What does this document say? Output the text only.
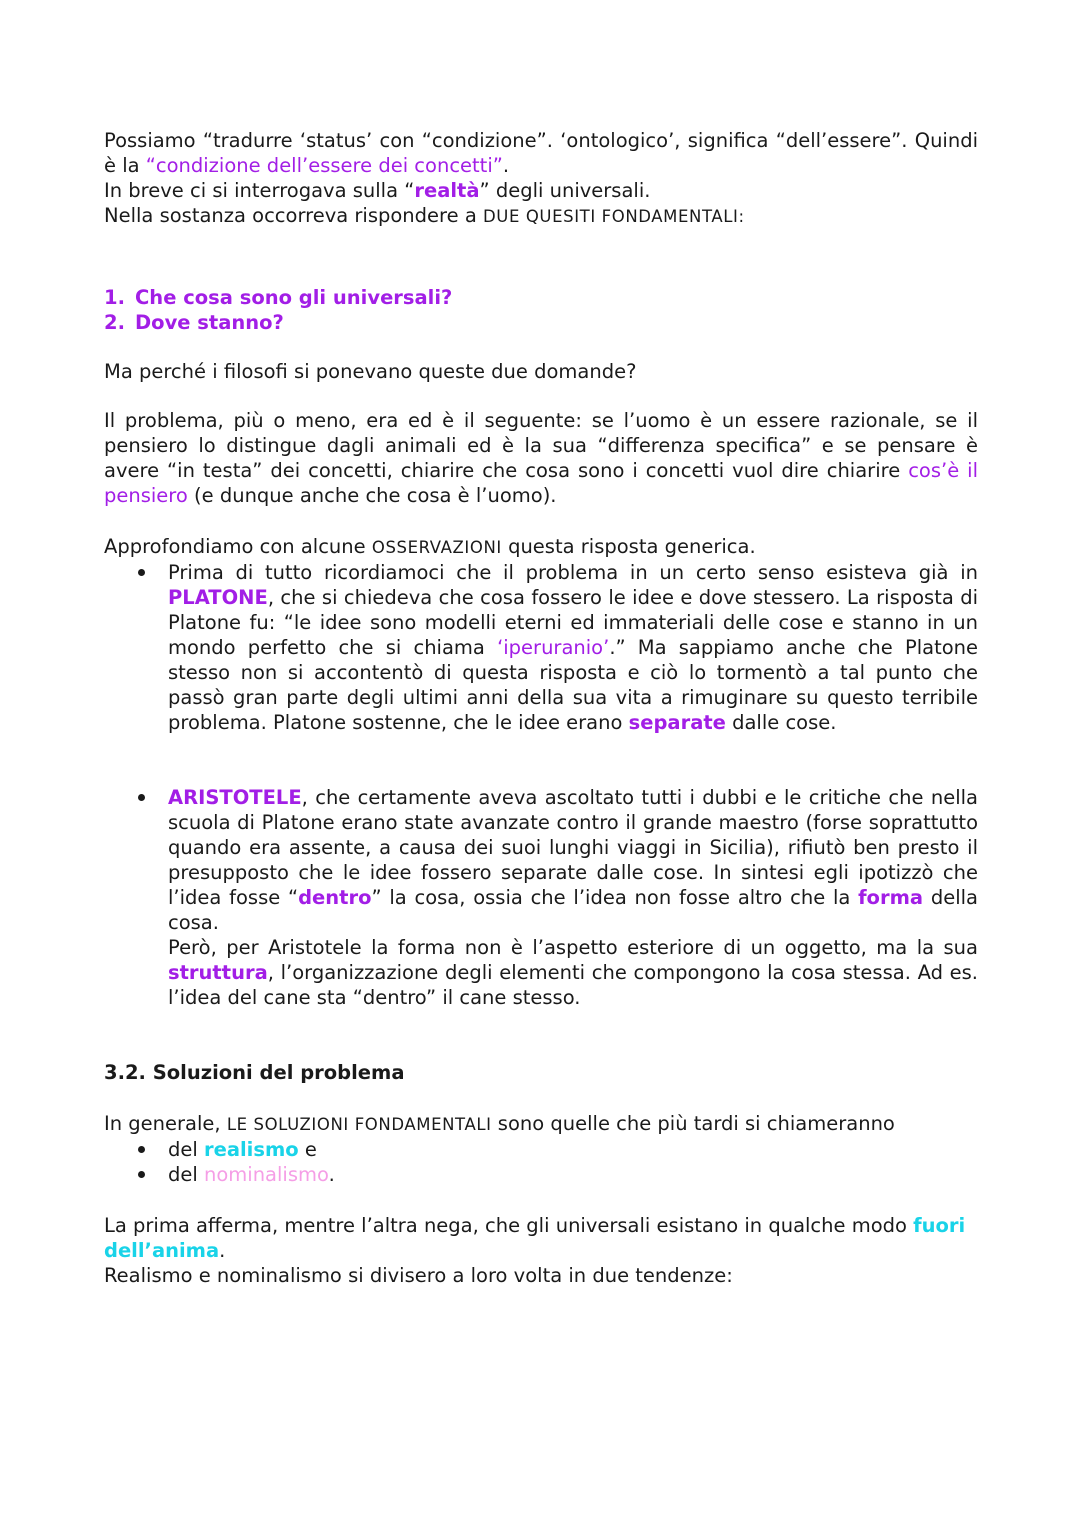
Possiamo “tradurre ‘status’ con “condizione”. ‘ontologico’, significa “dell’essere”. Quindi è la “condizione dell’essere dei concetti”.
In breve ci si interrogava sulla “realtà” degli universali.
Nella sostanza occorreva rispondere a DUE QUESITI FONDAMENTALI:

1. Che cosa sono gli universali?
2. Dove stanno?

Ma perché i filosofi si ponevano queste due domande?

Il problema, più o meno, era ed è il seguente: se l’uomo è un essere razionale, se il pensiero lo distingue dagli animali ed è la sua “differenza specifica” e se pensare è avere “in testa” dei concetti, chiarire che cosa sono i concetti vuol dire chiarire cos’è il pensiero (e dunque anche che cosa è l’uomo).

Approfondiamo con alcune OSSERVAZIONI questa risposta generica.

Prima di tutto ricordiamoci che il problema in un certo senso esisteva già in PLATONE, che si chiedeva che cosa fossero le idee e dove stessero. La risposta di Platone fu: “le idee sono modelli eterni ed immateriali delle cose e stanno in un mondo perfetto che si chiama ‘iperuranio’.” Ma sappiamo anche che Platone stesso non si accontentò di questa risposta e ciò lo tormentò a tal punto che passò gran parte degli ultimi anni della sua vita a rimuginare su questo terribile problema. Platone sostenne, che le idee erano separate dalle cose.
ARISTOTELE, che certamente aveva ascoltato tutti i dubbi e le critiche che nella scuola di Platone erano state avanzate contro il grande maestro (forse soprattutto quando era assente, a causa dei suoi lunghi viaggi in Sicilia), rifiutò ben presto il presupposto che le idee fossero separate dalle cose. In sintesi egli ipotizzò che l’idea fosse “dentro” la cosa, ossia che l’idea non fosse altro che la forma della cosa.
Però, per Aristotele la forma non è l’aspetto esteriore di un oggetto, ma la sua struttura, l’organizzazione degli elementi che compongono la cosa stessa. Ad es. l’idea del cane sta “dentro” il cane stesso.

3.2. Soluzioni del problema

In generale, LE SOLUZIONI FONDAMENTALI sono quelle che più tardi si chiameranno

del realismo e
del nominalismo.

La prima afferma, mentre l’altra nega, che gli universali esistano in qualche modo fuori dell’anima.
Realismo e nominalismo si divisero a loro volta in due tendenze:
